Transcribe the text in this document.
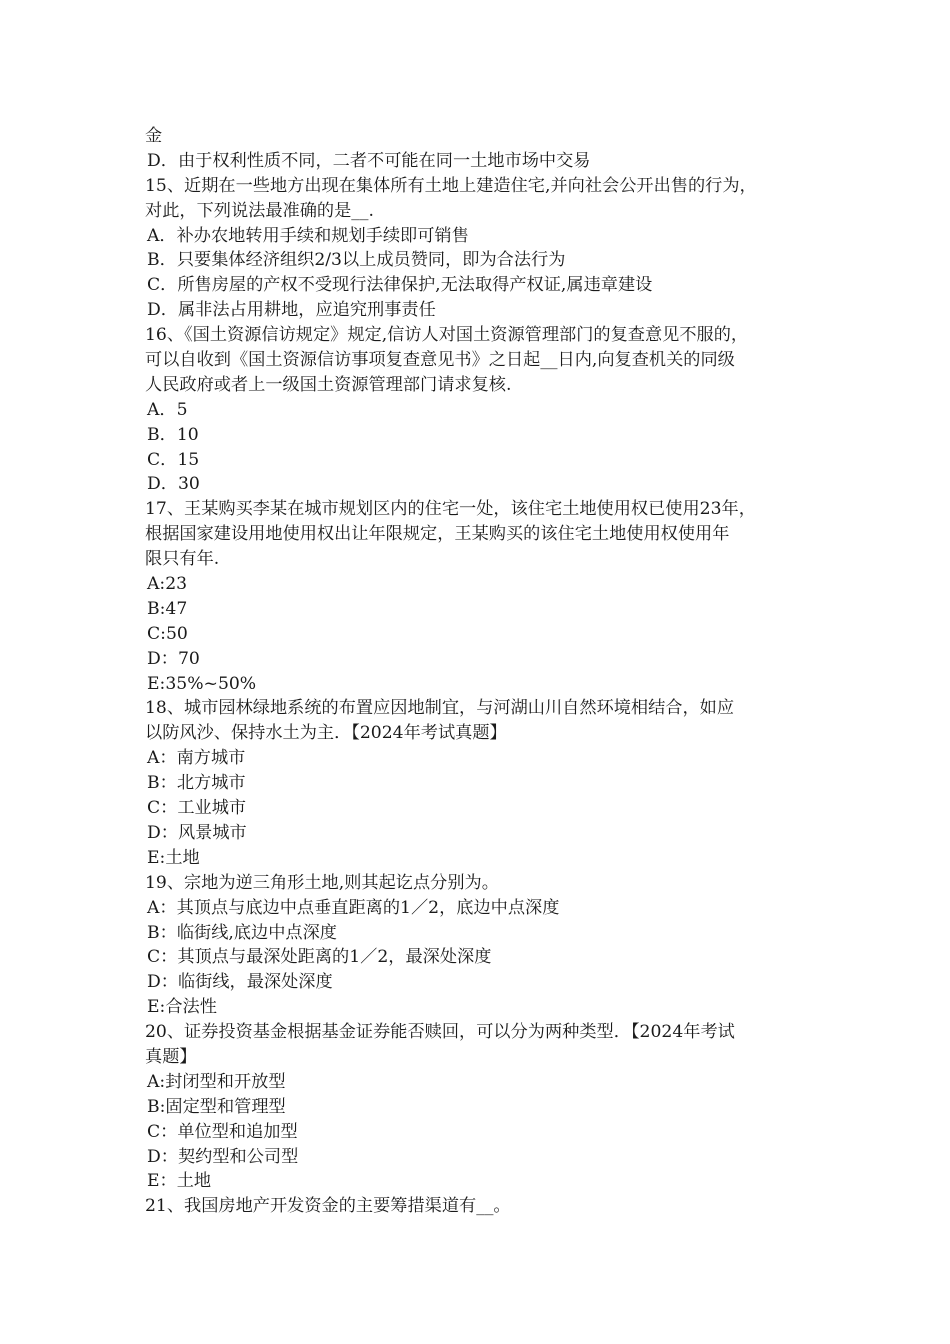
金
D．由于权利性质不同，二者不可能在同一土地市场中交易
15、近期在一些地方出现在集体所有土地上建造住宅,并向社会公开出售的行为，
对此，下列说法最准确的是__.
A．补办农地转用手续和规划手续即可销售
B．只要集体经济组织2/3以上成员赞同，即为合法行为
C．所售房屋的产权不受现行法律保护,无法取得产权证,属违章建设
D．属非法占用耕地，应追究刑事责任
16、《国土资源信访规定》规定,信访人对国土资源管理部门的复查意见不服的，
可以自收到《国土资源信访事项复查意见书》之日起__日内,向复查机关的同级
人民政府或者上一级国土资源管理部门请求复核.
A．5
B．10
C．15
D．30
17、王某购买李某在城市规划区内的住宅一处，该住宅土地使用权已使用23年，
根据国家建设用地使用权出让年限规定，王某购买的该住宅土地使用权使用年
限只有年.
A:23
B:47
C:50
D：70
E:35%~50%
18、城市园林绿地系统的布置应因地制宜，与河湖山川自然环境相结合，如应
以防风沙、保持水土为主．【2024年考试真题】
A：南方城市
B：北方城市
C：工业城市
D：风景城市
E:土地
19、宗地为逆三角形土地,则其起讫点分别为。
A：其顶点与底边中点垂直距离的1／2，底边中点深度
B：临街线,底边中点深度
C：其顶点与最深处距离的1／2，最深处深度
D：临街线，最深处深度
E:合法性
20、证券投资基金根据基金证券能否赎回，可以分为两种类型．【2024年考试
真题】
A:封闭型和开放型
B:固定型和管理型
C：单位型和追加型
D：契约型和公司型
E：土地
21、我国房地产开发资金的主要筹措渠道有__。
